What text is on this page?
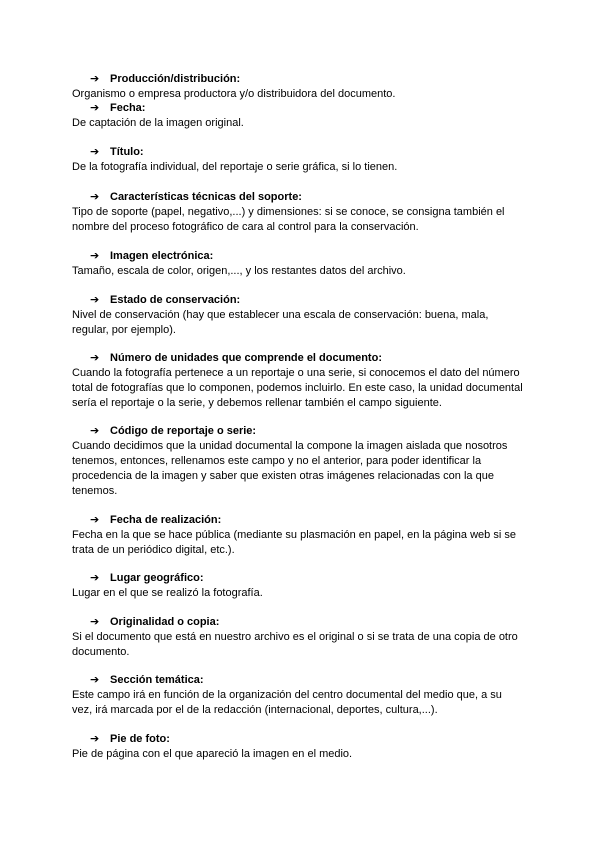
➔ Producción/distribución:
Organismo o empresa productora y/o distribuidora del documento.
➔ Fecha:
De captación de la imagen original.
➔ Título:
De la fotografía individual, del reportaje o serie gráfica, si lo tienen.
➔ Características técnicas del soporte:
Tipo de soporte (papel, negativo,...) y dimensiones: si se conoce, se consigna también el
nombre del proceso fotográfico de cara al control para la conservación.
➔ Imagen electrónica:
Tamaño, escala de color, origen,..., y los restantes datos del archivo.
➔ Estado de conservación:
Nivel de conservación (hay que establecer una escala de conservación: buena, mala,
regular, por ejemplo).
➔ Número de unidades que comprende el documento:
Cuando la fotografía pertenece a un reportaje o una serie, si conocemos el dato del número
total de fotografías que lo componen, podemos incluirlo. En este caso, la unidad documental
sería el reportaje o la serie, y debemos rellenar también el campo siguiente.
➔ Código de reportaje o serie:
Cuando decidimos que la unidad documental la compone la imagen aislada que nosotros
tenemos, entonces, rellenamos este campo y no el anterior, para poder identificar la
procedencia de la imagen y saber que existen otras imágenes relacionadas con la que
tenemos.
➔ Fecha de realización:
Fecha en la que se hace pública (mediante su plasmación en papel, en la página web si se
trata de un periódico digital, etc.).
➔ Lugar geográfico:
Lugar en el que se realizó la fotografía.
➔ Originalidad o copia:
Si el documento que está en nuestro archivo es el original o si se trata de una copia de otro
documento.
➔ Sección temática:
Este campo irá en función de la organización del centro documental del medio que, a su
vez, irá marcada por el de la redacción (internacional, deportes, cultura,...).
➔ Pie de foto:
Pie de página con el que apareció la imagen en el medio.
